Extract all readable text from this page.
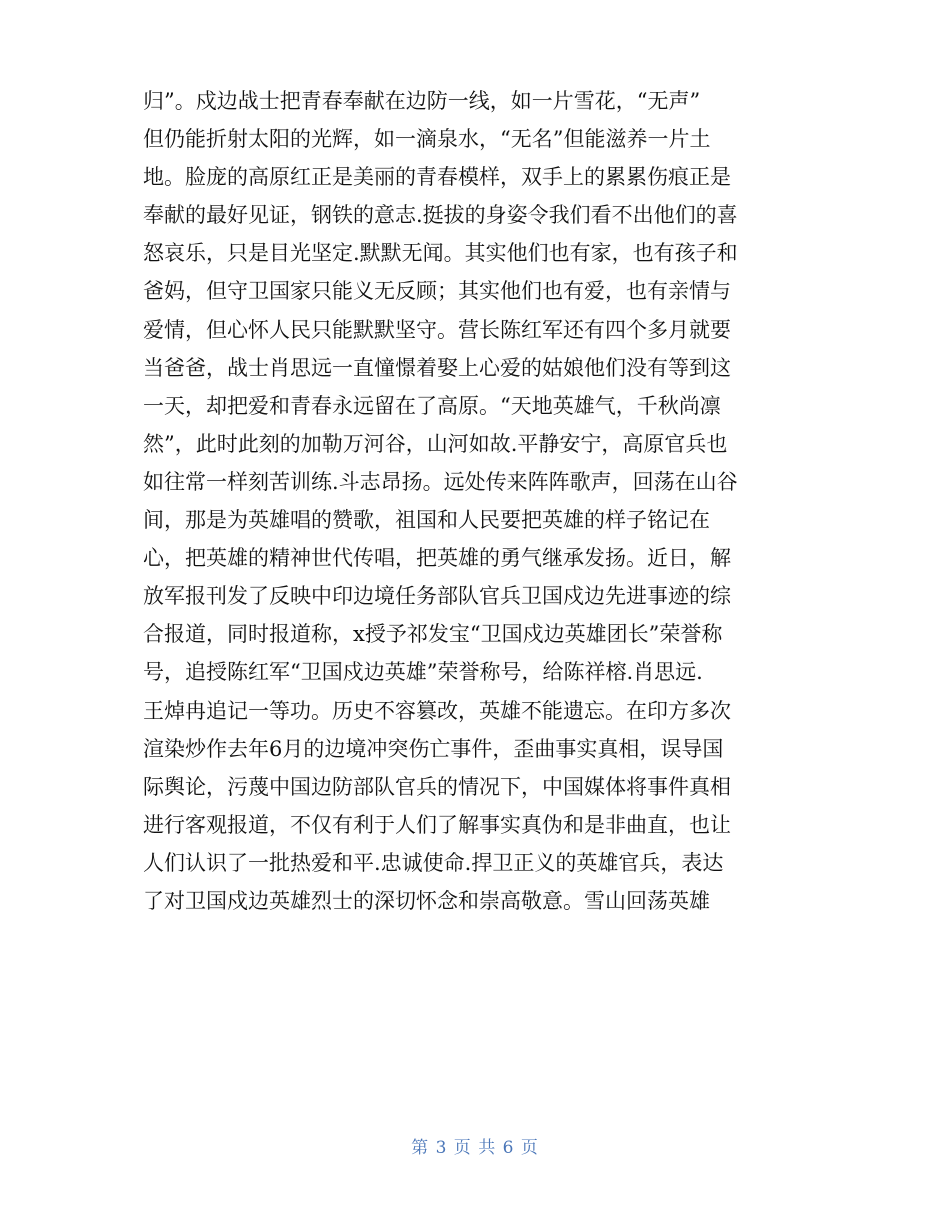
归”。戍边战士把青春奉献在边防一线，如一片雪花，“无声”
但仍能折射太阳的光辉，如一滴泉水，“无名”但能滋养一片土
地。脸庞的高原红正是美丽的青春模样，双手上的累累伤痕正是
奉献的最好见证，钢铁的意志.挺拔的身姿令我们看不出他们的喜
怒哀乐，只是目光坚定.默默无闻。其实他们也有家，也有孩子和
爸妈，但守卫国家只能义无反顾；其实他们也有爱，也有亲情与
爱情，但心怀人民只能默默坚守。营长陈红军还有四个多月就要
当爸爸，战士肖思远一直憧憬着娶上心爱的姑娘他们没有等到这
一天，却把爱和青春永远留在了高原。“天地英雄气，千秋尚凛
然”，此时此刻的加勒万河谷，山河如故.平静安宁，高原官兵也
如往常一样刻苦训练.斗志昂扬。远处传来阵阵歌声，回荡在山谷
间，那是为英雄唱的赞歌，祖国和人民要把英雄的样子铭记在
心，把英雄的精神世代传唱，把英雄的勇气继承发扬。近日，解
放军报刊发了反映中印边境任务部队官兵卫国戍边先进事迹的综
合报道，同时报道称，x授予祁发宝“卫国戍边英雄团长”荣誉称
号，追授陈红军“卫国戍边英雄”荣誉称号，给陈祥榕.肖思远.
王焯冉追记一等功。历史不容篡改，英雄不能遗忘。在印方多次
渲染炒作去年6月的边境冲突伤亡事件，歪曲事实真相，误导国
际舆论，污蔑中国边防部队官兵的情况下，中国媒体将事件真相
进行客观报道，不仅有利于人们了解事实真伪和是非曲直，也让
人们认识了一批热爱和平.忠诚使命.捍卫正义的英雄官兵，表达
了对卫国戍边英雄烈士的深切怀念和崇高敬意。雪山回荡英雄
第 3 页 共 6 页
